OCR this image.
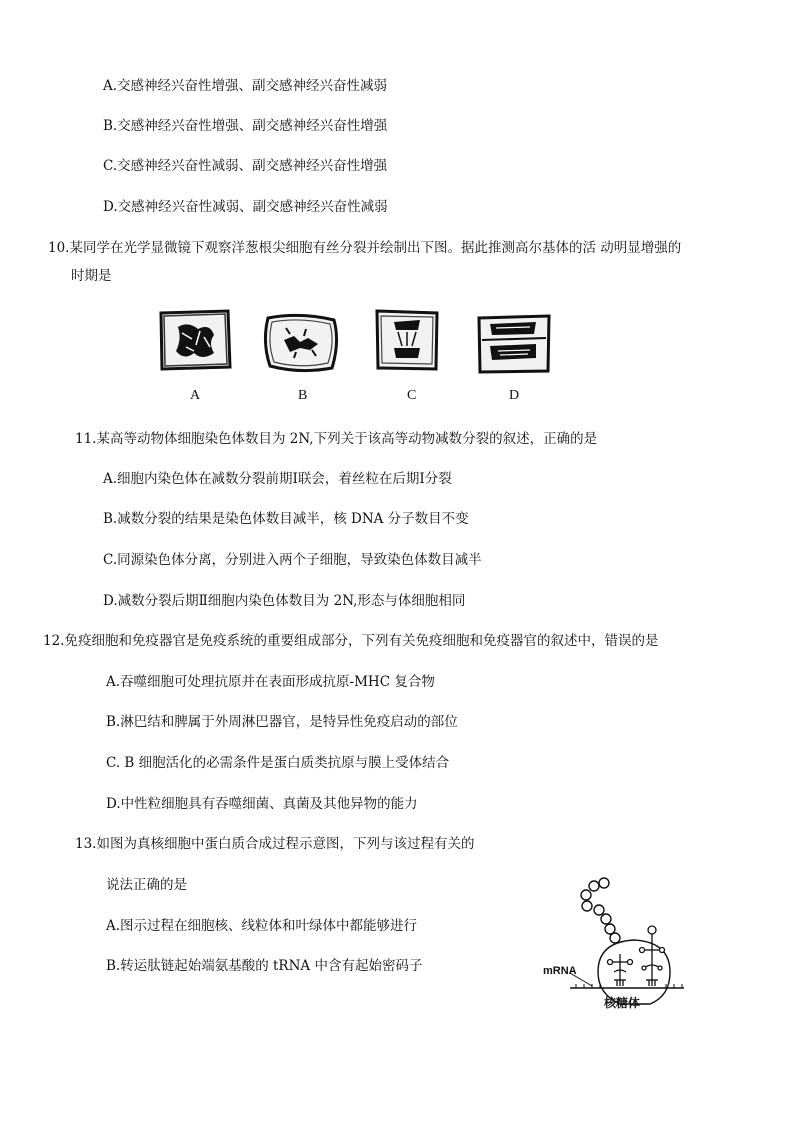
A.交感神经兴奋性增强、副交感神经兴奋性减弱
B.交感神经兴奋性增强、副交感神经兴奋性增强
C.交感神经兴奋性减弱、副交感神经兴奋性增强
D.交感神经兴奋性减弱、副交感神经兴奋性减弱
10.某同学在光学显微镜下观察洋葱根尖细胞有丝分裂并绘制出下图。据此推测高尔基体的活 动明显增强的
时期是
A	B	C	D
11.某高等动物体细胞染色体数目为 2N,下列关于该高等动物减数分裂的叙述，正确的是
A.细胞内染色体在减数分裂前期Ⅰ联会，着丝粒在后期Ⅰ分裂
B.减数分裂的结果是染色体数目减半，核 DNA 分子数目不变
C.同源染色体分离，分别进入两个子细胞，导致染色体数目减半
D.减数分裂后期Ⅱ细胞内染色体数目为 2N,形态与体细胞相同
12.免疫细胞和免疫器官是免疫系统的重要组成部分，下列有关免疫细胞和免疫器官的叙述中，错误的是
A.吞噬细胞可处理抗原并在表面形成抗原-MHC 复合物
B.淋巴结和脾属于外周淋巴器官，是特异性免疫启动的部位
C. B 细胞活化的必需条件是蛋白质类抗原与膜上受体结合
D.中性粒细胞具有吞噬细菌、真菌及其他异物的能力
13.如图为真核细胞中蛋白质合成过程示意图，下列与该过程有关的
说法正确的是
A.图示过程在细胞核、线粒体和叶绿体中都能够进行
B.转运肽链起始端氨基酸的 tRNA 中含有起始密码子	mRNA
核糖体
